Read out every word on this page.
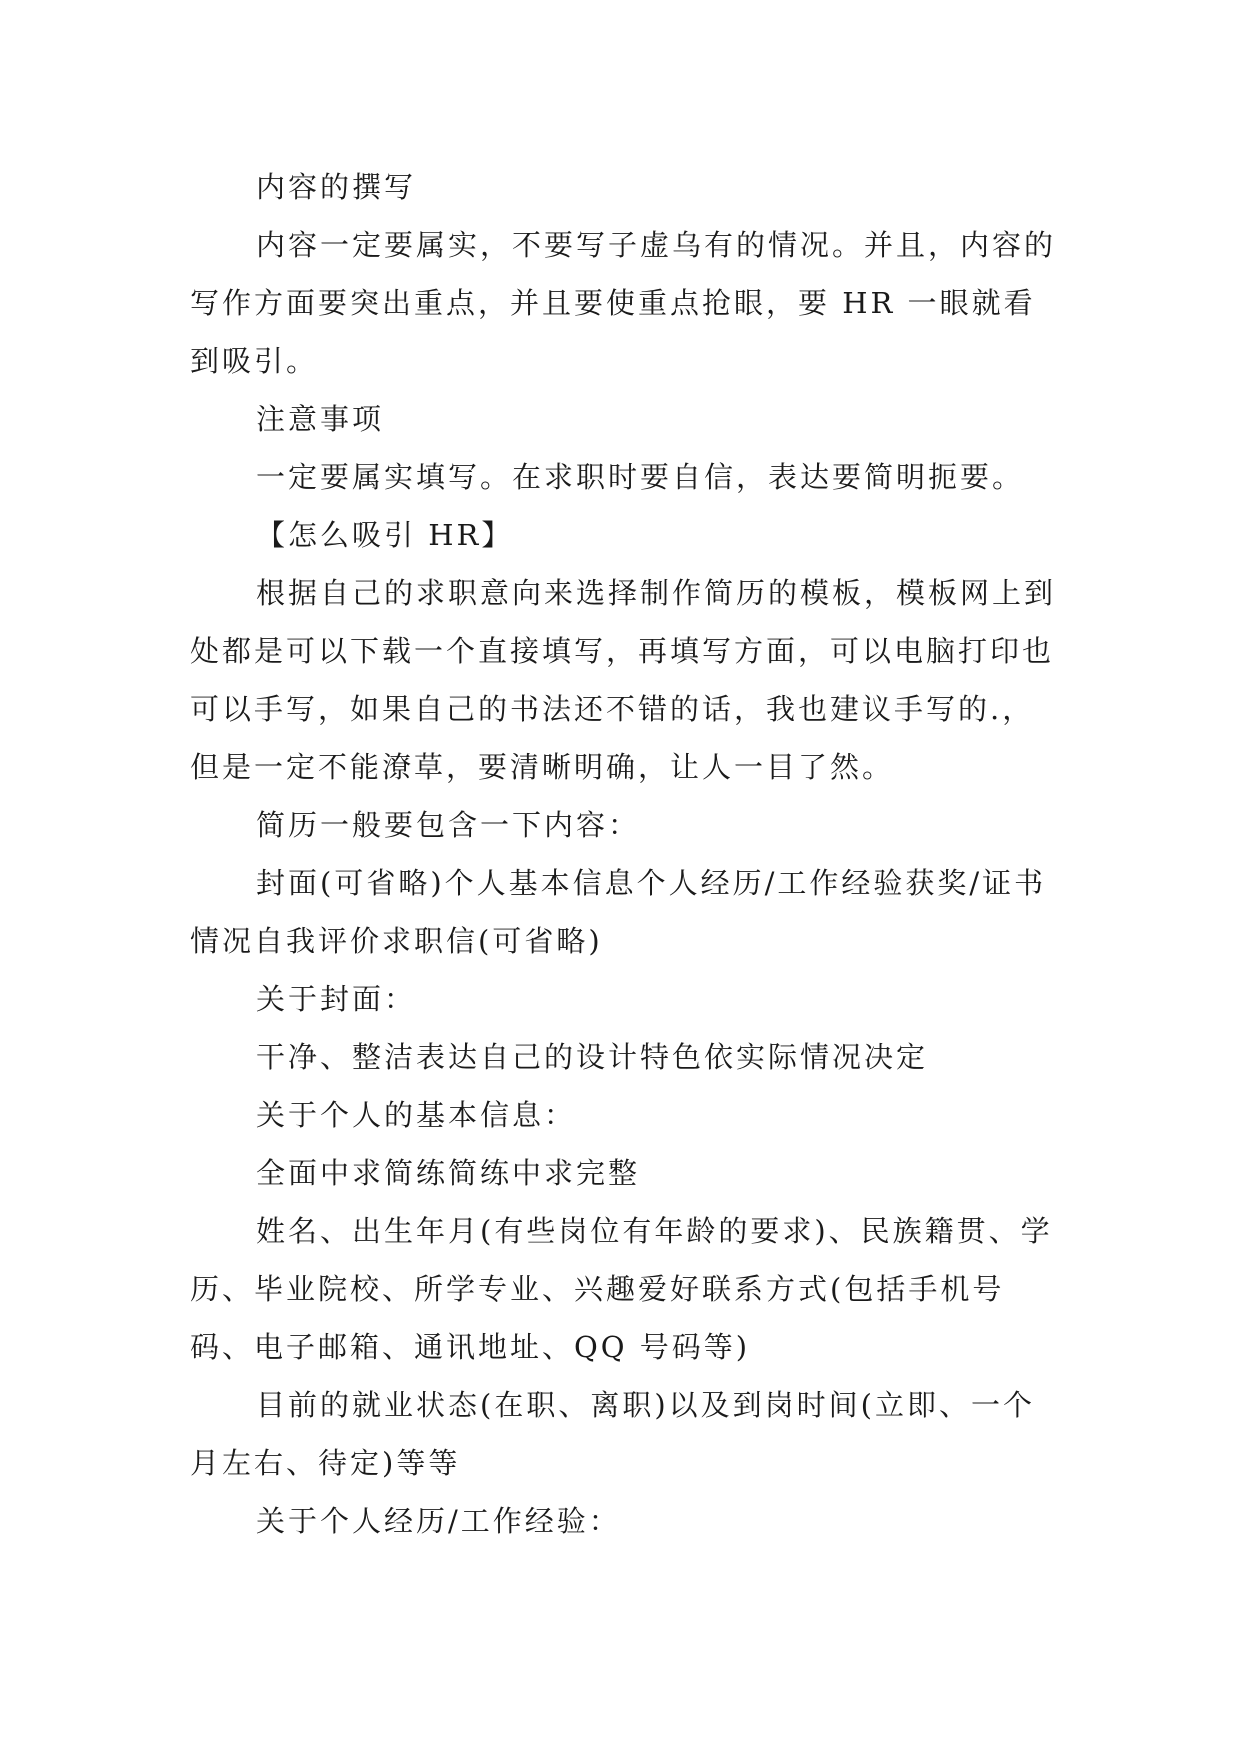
内容的撰写

内容一定要属实，不要写子虚乌有的情况。并且，内容的写作方面要突出重点，并且要使重点抢眼，要 HR 一眼就看到吸引。

注意事项

一定要属实填写。在求职时要自信，表达要简明扼要。

【怎么吸引 HR】

根据自己的求职意向来选择制作简历的模板，模板网上到处都是可以下载一个直接填写，再填写方面，可以电脑打印也可以手写，如果自己的书法还不错的话，我也建议手写的.，但是一定不能潦草，要清晰明确，让人一目了然。

简历一般要包含一下内容：

封面(可省略)个人基本信息个人经历/工作经验获奖/证书情况自我评价求职信(可省略)

关于封面：

干净、整洁表达自己的设计特色依实际情况决定

关于个人的基本信息：

全面中求简练简练中求完整

姓名、出生年月(有些岗位有年龄的要求)、民族籍贯、学历、毕业院校、所学专业、兴趣爱好联系方式(包括手机号码、电子邮箱、通讯地址、QQ 号码等)

目前的就业状态(在职、离职)以及到岗时间(立即、一个月左右、待定)等等

关于个人经历/工作经验：
